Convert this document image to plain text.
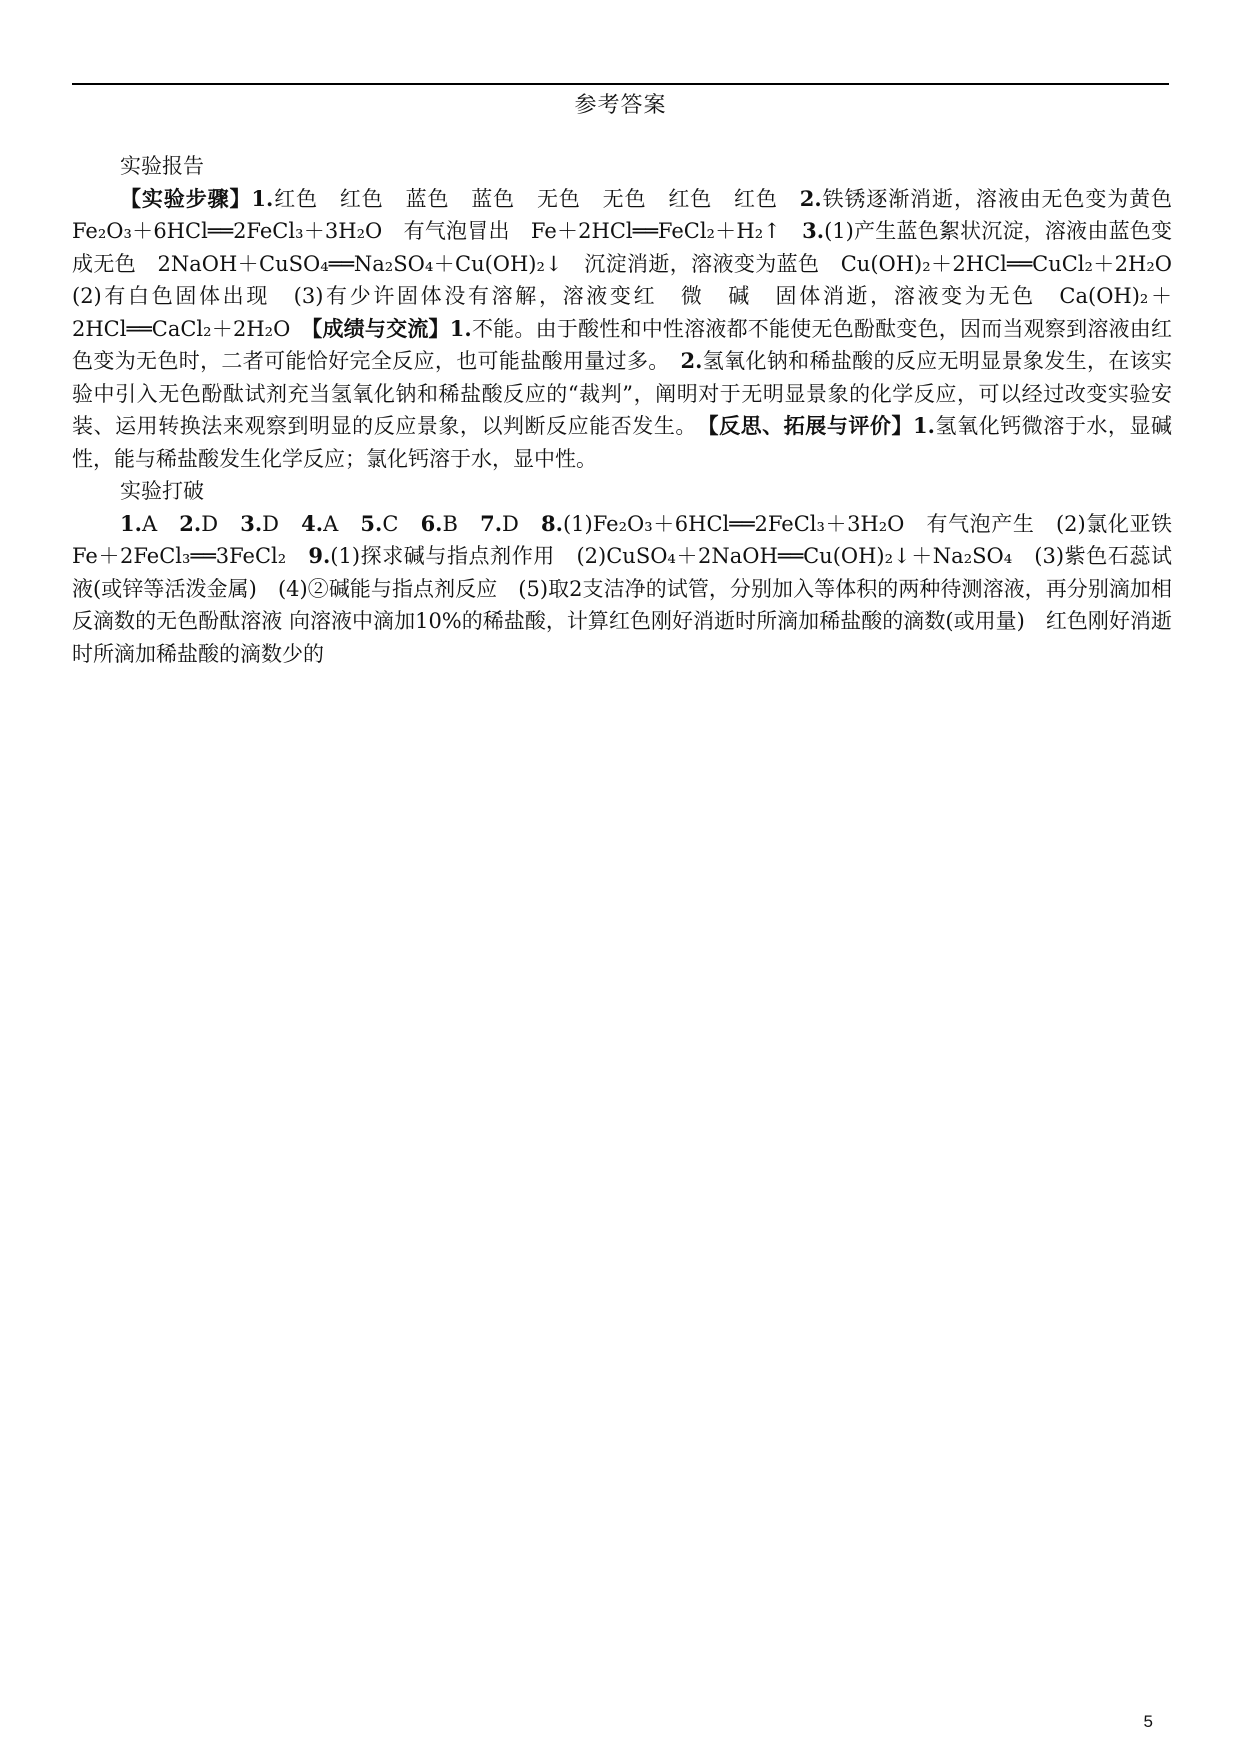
参考答案

实验报告

【实验步骤】1.红色　红色　蓝色　蓝色　无色　无色　红色　红色　2.铁锈逐渐消逝，溶液由无色变为黄色　Fe₂O₃＋6HCl══2FeCl₃＋3H₂O　有气泡冒出　Fe＋2HCl══FeCl₂＋H₂↑　3.(1)产生蓝色絮状沉淀，溶液由蓝色变成无色　2NaOH＋CuSO₄══Na₂SO₄＋Cu(OH)₂↓　沉淀消逝，溶液变为蓝色　Cu(OH)₂＋2HCl══CuCl₂＋2H₂O　(2)有白色固体出现　(3)有少许固体没有溶解，溶液变红　微　碱　固体消逝，溶液变为无色　Ca(OH)₂＋2HCl══CaCl₂＋2H₂O　【成绩与交流】1.不能。由于酸性和中性溶液都不能使无色酚酞变色，因而当观察到溶液由红色变为无色时，二者可能恰好完全反应，也可能盐酸用量过多。　2.氢氧化钠和稀盐酸的反应无明显景象发生，在该实验中引入无色酚酞试剂充当氢氧化钠和稀盐酸反应的“裁判”，阐明对于无明显景象的化学反应，可以经过改变实验安装、运用转换法来观察到明显的反应景象，以判断反应能否发生。　【反思、拓展与评价】1.氢氧化钙微溶于水，显碱性，能与稀盐酸发生化学反应；氯化钙溶于水，显中性。

实验打破

1.A　2.D　3.D　4.A　5.C　6.B　7.D　8.(1)Fe₂O₃＋6HCl══2FeCl₃＋3H₂O　有气泡产生　(2)氯化亚铁　Fe＋2FeCl₃══3FeCl₂　9.(1)探求碱与指点剂作用　(2)CuSO₄＋2NaOH══Cu(OH)₂↓＋Na₂SO₄　(3)紫色石蕊试液(或锌等活泼金属)　(4)②碱能与指点剂反应　(5)取2支洁净的试管，分别加入等体积的两种待测溶液，再分别滴加相反滴数的无色酚酞溶液 向溶液中滴加10%的稀盐酸，计算红色刚好消逝时所滴加稀盐酸的滴数(或用量)　红色刚好消逝时所滴加稀盐酸的滴数少的

5
